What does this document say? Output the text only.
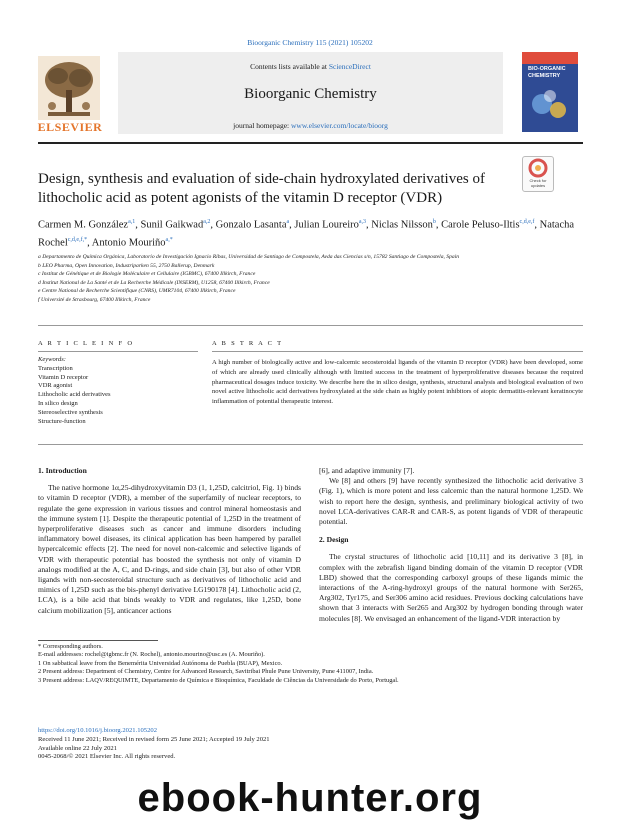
Bioorganic Chemistry 115 (2021) 105202
Contents lists available at ScienceDirect
Bioorganic Chemistry
journal homepage: www.elsevier.com/locate/bioorg
ELSEVIER
BIO-ORGANIC CHEMISTRY
Design, synthesis and evaluation of side-chain hydroxylated derivatives of lithocholic acid as potent agonists of the vitamin D receptor (VDR)
Check for updates
Carmen M. González$^{a,1}$, Sunil Gaikwad$^{a,2}$, Gonzalo Lasanta$^a$, Julian Loureiro$^{a,3}$, Niclas Nilsson$^b$, Carole Peluso-Iltis$^{c,d,e,f}$, Natacha Rochel$^{c,d,e,f,*}$, Antonio Mouriño$^{a,*}$
a Departamento de Química Orgánica, Laboratorio de Investigación Ignacio Ribas, Universidad de Santiago de Compostela, Avda das Ciencias s/n, 15782 Santiago de Compostela, Spain
b LEO Pharma, Open Innovation, Industriparken 55, 2750 Ballerup, Denmark
c Institut de Génétique et de Biologie Moléculaire et Cellulaire (IGBMC), 67400 Illkirch, France
d Institut National de La Santé et de La Recherche Médicale (INSERM), U1258, 67400 Illkirch, France
e Centre National de Recherche Scientifique (CNRS), UMR7104, 67400 Illkirch, France
f Université de Strasbourg, 67400 Illkirch, France
A R T I C L E I N F O	A B S T R A C T
Keywords:
Transcription
Vitamin D receptor
VDR agonist
Lithocholic acid derivatives
In silico design
Stereoselective synthesis
Structure-function
A high number of biologically active and low-calcemic secosteroidal ligands of the vitamin D receptor (VDR) have been developed, some of which are already used clinically although with limited success in the treatment of hyperproliferative diseases because the required pharmaceutical dosages induce toxicity. We describe here the in silico design, synthesis, structural analysis and biological evaluation of two novel active lithocholic acid derivatives hydroxylated at the side chain as highly potent inhibitors of atopic dermatitis-relevant keratinocyte inflammation of potential therapeutic interest.
1. Introduction

The native hormone 1α,25-dihydroxyvitamin D3 (1, 1,25D, calcitriol, Fig. 1) binds to vitamin D receptor (VDR), a member of the superfamily of nuclear receptors, to regulate the gene expression in various tissues and control mineral homeostasis and the immune system [1]. Despite the therapeutic potential of 1,25D in the treatment of hyperproliferative diseases such as cancer and immune disorders including inflammatory bowel diseases, its clinical application has been hampered by parallel hypercalcemic effects [2]. The need for novel non-calcemic and selective ligands of VDR with therapeutic potential has boosted the synthesis not only of vitamin D analogs modified at the A, C, and D-rings, and side chain [3], but also of other VDR ligands with non-secosteroidal structure such as derivatives of lithocholic acid and mimics of 1,25D such as the bis-phenyl derivative LG190178 [4]. Lithocholic acid (2, LCA), is a bile acid that binds weakly to VDR and regulates, like 1,25D, bone calcium mobilization [5], anticancer actions

[6], and adaptive immunity [7].

We [8] and others [9] have recently synthesized the lithocholic acid derivative 3 (Fig. 1), which is more potent and less calcemic than the natural hormone 1,25D. We wish to report here the design, synthesis, and preliminary biological activity of two novel LCA-derivatives CAR-R and CAR-S, as potent ligands of VDR of therapeutic potential.

2. Design

The crystal structures of lithocholic acid [10,11] and its derivative 3 [8], in complex with the zebrafish ligand binding domain of the vitamin D receptor (VDR LBD) showed that the corresponding carboxyl groups of these ligands mimic the interactions of the A-ring-hydroxyl groups of the natural hormone with Ser265, Arg302, Tyr175, and Ser306 amino acid residues. Previous docking calculations have shown that 3 interacts with Ser265 and Arg302 by hydrogen bonding through water molecules [8]. We envisaged an enhancement of the ligand-VDR interaction by

* Corresponding authors.
E-mail addresses: rochel@igbmc.fr (N. Rochel), antonio.mourino@usc.es (A. Mouriño).
1 On sabbatical leave from the Benemérita Universidad Autónoma de Puebla (BUAP), Mexico.
2 Present address: Department of Chemistry, Centre for Advanced Research, Savitribai Phule Pune University, Pune 411007, India.
3 Present address: LAQV/REQUIMTE, Departamento de Química e Bioquímica, Faculdade de Ciências da Universidade do Porto, Portugal.
https://doi.org/10.1016/j.bioorg.2021.105202
Received 11 June 2021; Received in revised form 25 June 2021; Accepted 19 July 2021
Available online 22 July 2021
0045-2068/© 2021 Elsevier Inc. All rights reserved.
ebook-hunter.org
